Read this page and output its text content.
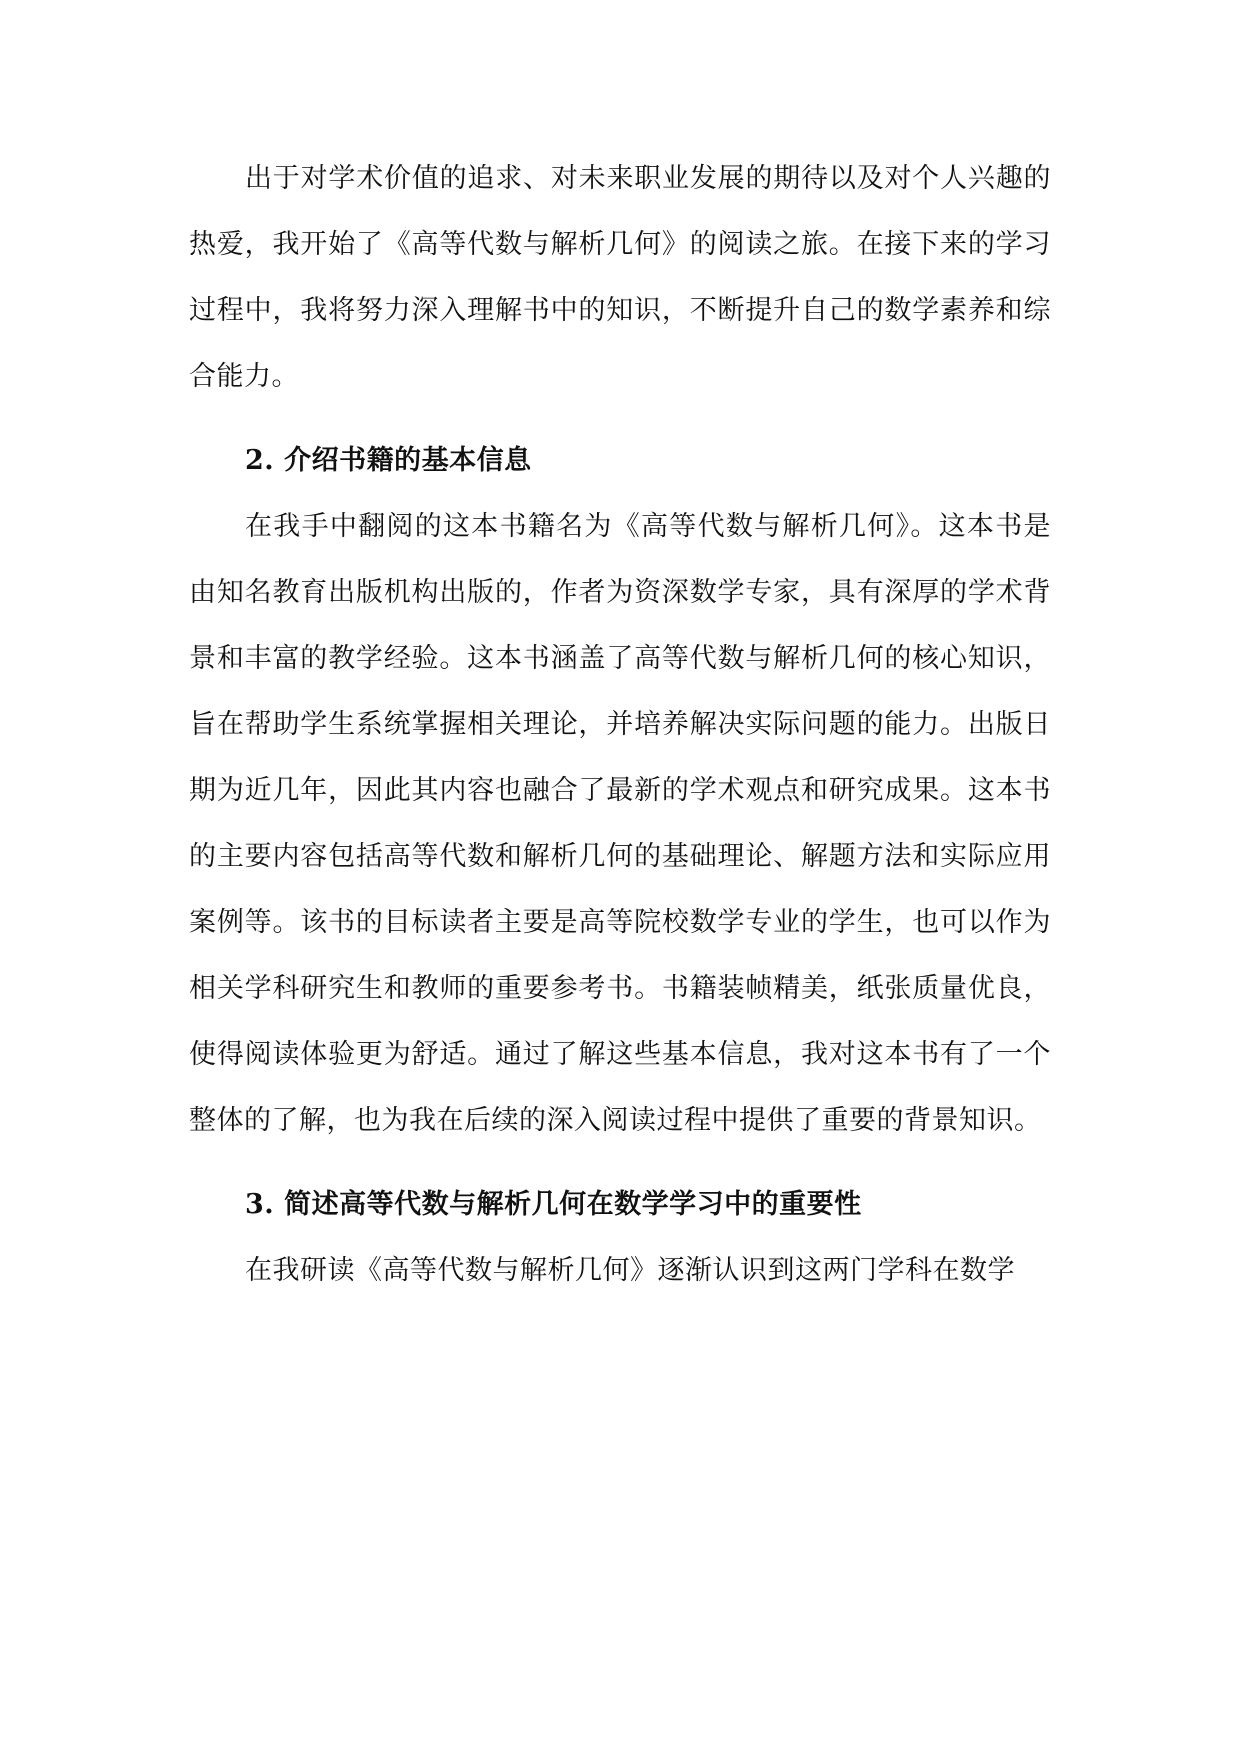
出于对学术价值的追求、对未来职业发展的期待以及对个人兴趣的热爱，我开始了《高等代数与解析几何》的阅读之旅。在接下来的学习过程中，我将努力深入理解书中的知识，不断提升自己的数学素养和综合能力。

2. 介绍书籍的基本信息

在我手中翻阅的这本书籍名为《高等代数与解析几何》。这本书是由知名教育出版机构出版的，作者为资深数学专家，具有深厚的学术背景和丰富的教学经验。这本书涵盖了高等代数与解析几何的核心知识，旨在帮助学生系统掌握相关理论，并培养解决实际问题的能力。出版日期为近几年，因此其内容也融合了最新的学术观点和研究成果。这本书的主要内容包括高等代数和解析几何的基础理论、解题方法和实际应用案例等。该书的目标读者主要是高等院校数学专业的学生，也可以作为相关学科研究生和教师的重要参考书。书籍装帧精美，纸张质量优良，使得阅读体验更为舒适。通过了解这些基本信息，我对这本书有了一个整体的了解，也为我在后续的深入阅读过程中提供了重要的背景知识。

3. 简述高等代数与解析几何在数学学习中的重要性

在我研读《高等代数与解析几何》逐渐认识到这两门学科在数学
